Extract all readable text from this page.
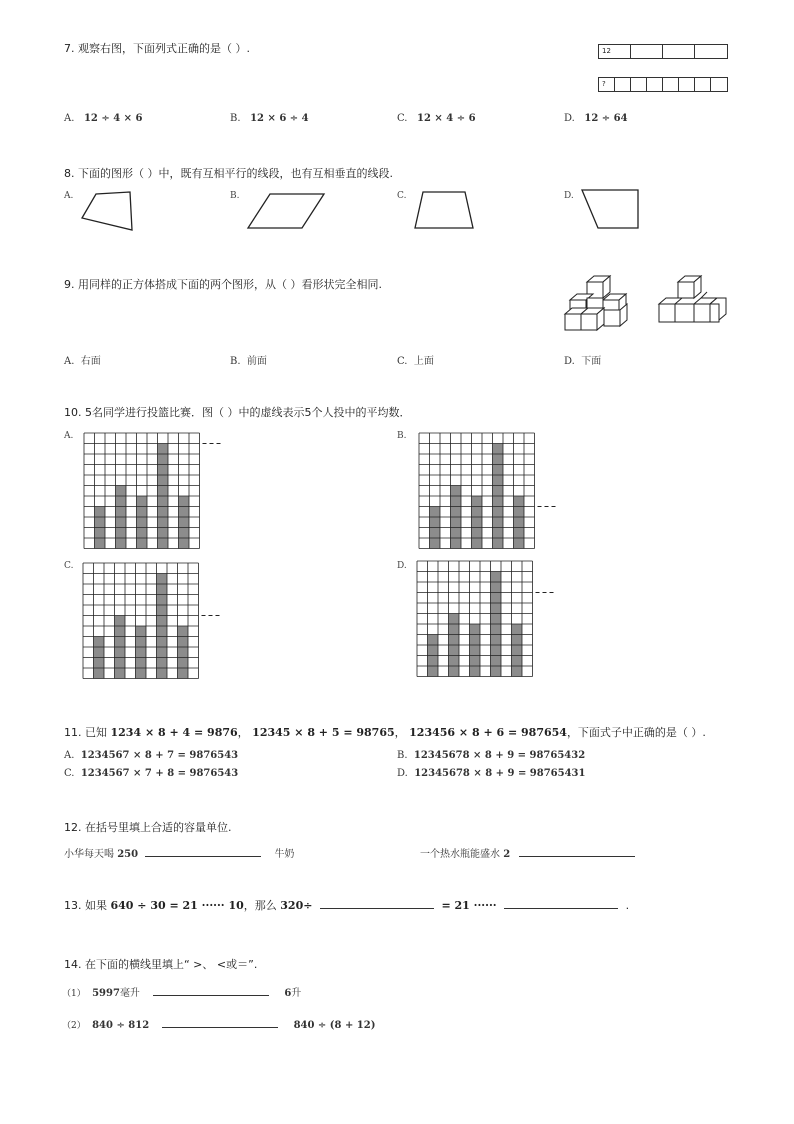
7. 观察右图，下面列式正确的是（ ）.	12
?
A. 12 ÷ 4 × 6	B. 12 × 6 ÷ 4	C. 12 × 4 ÷ 6	D. 12 ÷ 64
8. 下面的图形（ ）中，既有互相平行的线段，也有互相垂直的线段.
A.	B.	C.	D.
9. 用同样的正方体搭成下面的两个图形，从（ ）看形状完全相同.
A. 右面	B. 前面	C. 上面	D. 下面
10. 5名同学进行投篮比赛．图（ ）中的虚线表示5个人投中的平均数．
A.	B.
C.	D.
11. 已知 1234 × 8 + 4 = 9876， 12345 × 8 + 5 = 98765， 123456 × 8 + 6 = 987654，下面式子中正确的是（ ）.
A. 1234567 × 8 + 7 = 9876543	B. 12345678 × 8 + 9 = 98765432
C. 1234567 × 7 + 8 = 9876543	D. 12345678 × 8 + 9 = 98765431
12. 在括号里填上合适的容量单位.
小华每天喝 250	牛奶	一个热水瓶能盛水 2
13. 如果 640 ÷ 30 = 21 ······ 10，那么 320÷	= 21 ······	.
14. 在下面的横线里填上“ >、 <或＝”.
（1） 5997毫升	6升
（2） 840 ÷ 812	840 ÷ (8 + 12)
